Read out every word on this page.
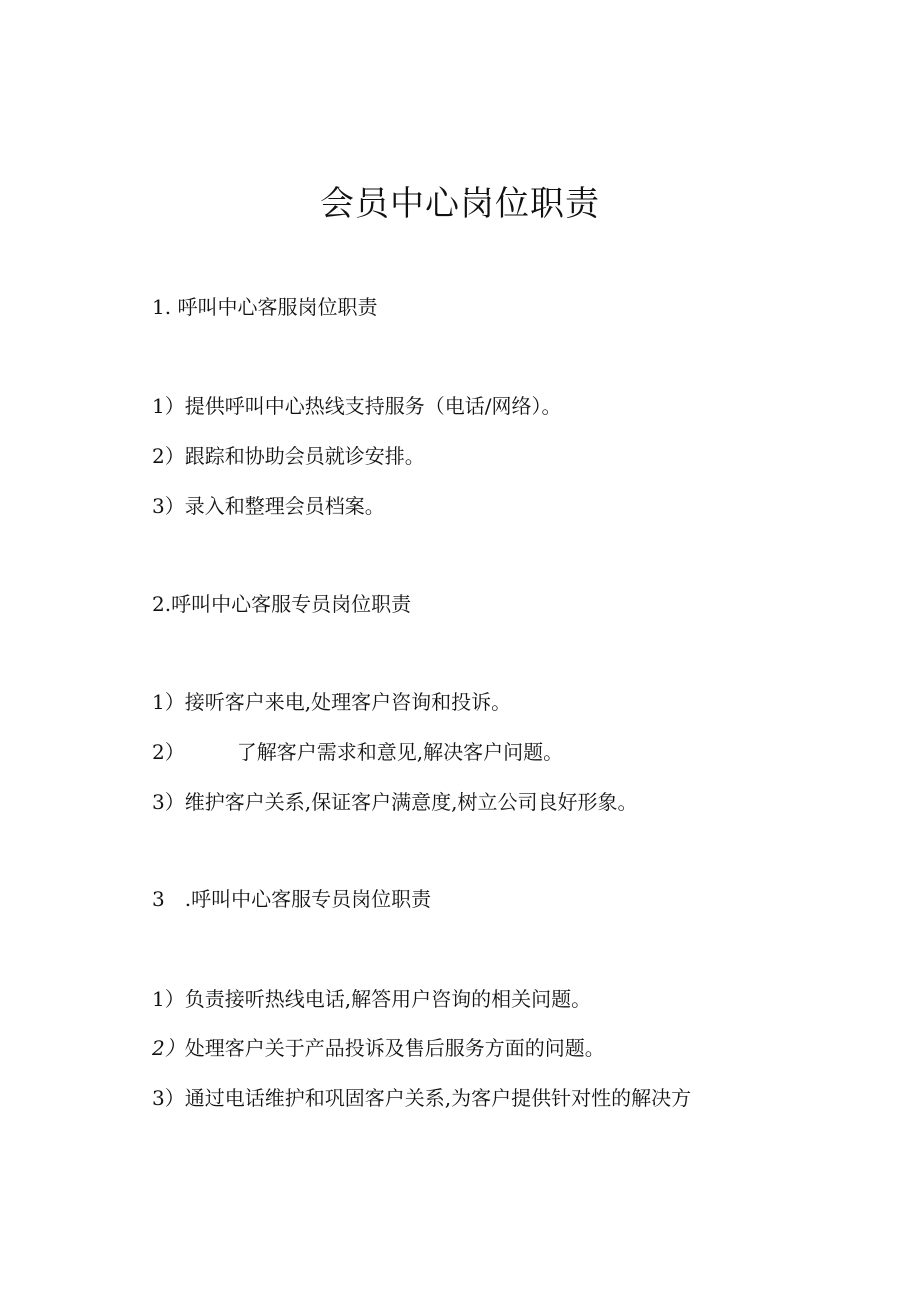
会员中心岗位职责

1. 呼叫中心客服岗位职责

1）提供呼叫中心热线支持服务（电话/网络）。

2）跟踪和协助会员就诊安排。

3）录入和整理会员档案。

2.呼叫中心客服专员岗位职责

1）接听客户来电,处理客户咨询和投诉。

2）	了解客户需求和意见,解决客户问题。

3）维护客户关系,保证客户满意度,树立公司良好形象。

3　.呼叫中心客服专员岗位职责

1）负责接听热线电话,解答用户咨询的相关问题。

2）处理客户关于产品投诉及售后服务方面的问题。

3）通过电话维护和巩固客户关系,为客户提供针对性的解决方
